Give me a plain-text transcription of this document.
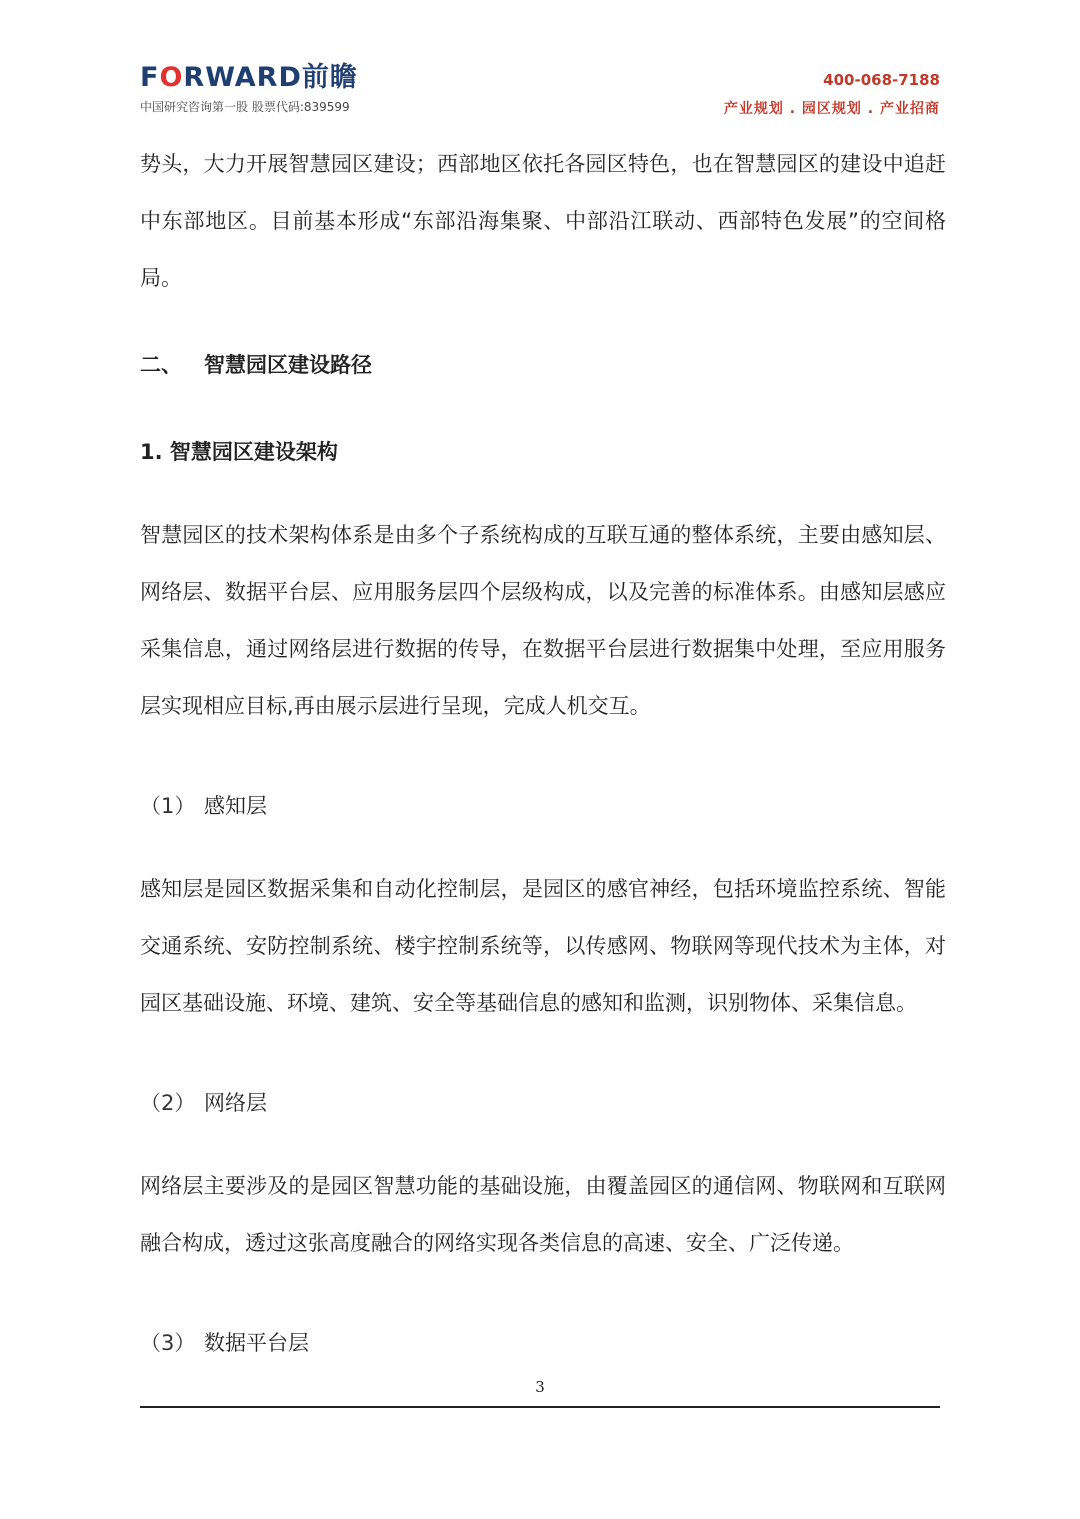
FORWARD前瞻
中国研究咨询第一股 股票代码:839599
400-068-7188
产业规划 . 园区规划 . 产业招商

势头，大力开展智慧园区建设；西部地区依托各园区特色，也在智慧园区的建设中追赶中东部地区。目前基本形成“东部沿海集聚、中部沿江联动、西部特色发展”的空间格局。

二、 智慧园区建设路径
1. 智慧园区建设架构

智慧园区的技术架构体系是由多个子系统构成的互联互通的整体系统，主要由感知层、网络层、数据平台层、应用服务层四个层级构成，以及完善的标准体系。由感知层感应采集信息，通过网络层进行数据的传导，在数据平台层进行数据集中处理，至应用服务层实现相应目标,再由展示层进行呈现，完成人机交互。

（1） 感知层

感知层是园区数据采集和自动化控制层，是园区的感官神经，包括环境监控系统、智能交通系统、安防控制系统、楼宇控制系统等，以传感网、物联网等现代技术为主体，对园区基础设施、环境、建筑、安全等基础信息的感知和监测，识别物体、采集信息。

（2） 网络层

网络层主要涉及的是园区智慧功能的基础设施，由覆盖园区的通信网、物联网和互联网融合构成，透过这张高度融合的网络实现各类信息的高速、安全、广泛传递。

（3） 数据平台层
3
